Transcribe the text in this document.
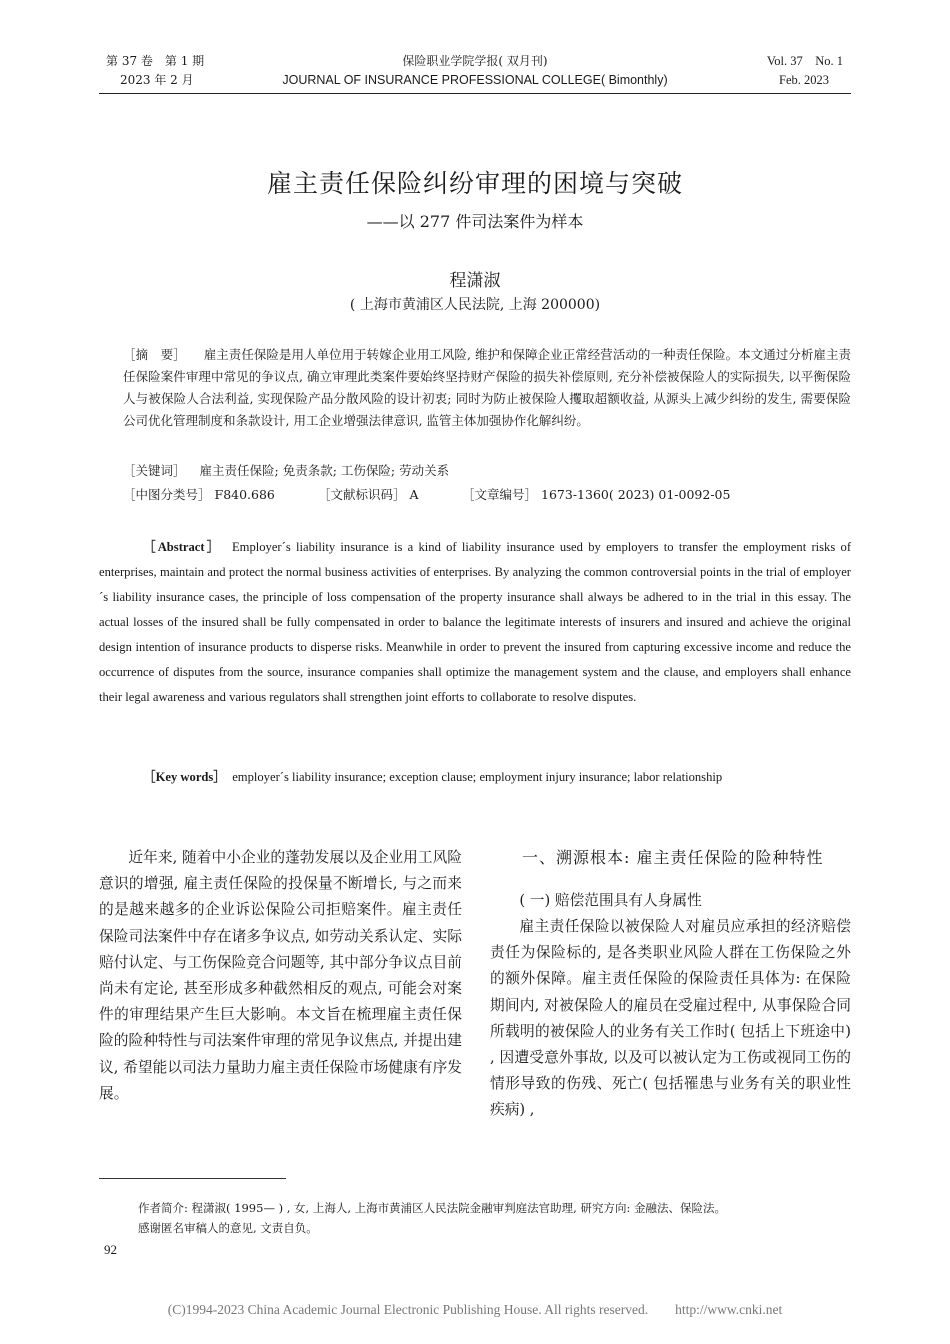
第 37 卷　第 1 期
2023 年 2 月
保险职业学院学报( 双月刊)
JOURNAL OF INSURANCE PROFESSIONAL COLLEGE( Bimonthly)
Vol. 37　No. 1
Feb. 2023
雇主责任保险纠纷审理的困境与突破
——以 277 件司法案件为样本
程潇淑
( 上海市黄浦区人民法院, 上海 200000)
［摘　要］ 雇主责任保险是用人单位用于转嫁企业用工风险, 维护和保障企业正常经营活动的一种责任保险。本文通过分析雇主责任保险案件审理中常见的争议点, 确立审理此类案件要始终坚持财产保险的损失补偿原则, 充分补偿被保险人的实际损失, 以平衡保险人与被保险人合法利益, 实现保险产品分散风险的设计初衷; 同时为防止被保险人攫取超额收益, 从源头上减少纠纷的发生, 需要保险公司优化管理制度和条款设计, 用工企业增强法律意识, 监管主体加强协作化解纠纷。
［关键词］ 雇主责任保险; 免责条款; 工伤保险; 劳动关系
［中图分类号］ F840.686	［文献标识码］ A	［文章编号］ 1673-1360( 2023) 01-0092-05
［Abstract］ Employer´s liability insurance is a kind of liability insurance used by employers to transfer the employment risks of enterprises, maintain and protect the normal business activities of enterprises. By analyzing the common controversial points in the trial of employer´s liability insurance cases, the principle of loss compensation of the property insurance shall always be adhered to in the trial in this essay. The actual losses of the insured shall be fully compensated in order to balance the legitimate interests of insurers and insured and achieve the original design intention of insurance products to disperse risks. Meanwhile in order to prevent the insured from capturing excessive income and reduce the occurrence of disputes from the source, insurance companies shall optimize the management system and the clause, and employers shall enhance their legal awareness and various regulators shall strengthen joint efforts to collaborate to resolve disputes.
［Key words］ employer´s liability insurance; exception clause; employment injury insurance; labor relationship

近年来, 随着中小企业的蓬勃发展以及企业用工风险意识的增强, 雇主责任保险的投保量不断增长, 与之而来的是越来越多的企业诉讼保险公司拒赔案件。雇主责任保险司法案件中存在诸多争议点, 如劳动关系认定、实际赔付认定、与工伤保险竞合问题等, 其中部分争议点目前尚未有定论, 甚至形成多种截然相反的观点, 可能会对案件的审理结果产生巨大影响。本文旨在梳理雇主责任保险的险种特性与司法案件审理的常见争议焦点, 并提出建议, 希望能以司法力量助力雇主责任保险市场健康有序发展。

一、溯源根本: 雇主责任保险的险种特性
( 一) 赔偿范围具有人身属性

雇主责任保险以被保险人对雇员应承担的经济赔偿责任为保险标的, 是各类职业风险人群在工伤保险之外的额外保障。雇主责任保险的保险责任具体为: 在保险期间内, 对被保险人的雇员在受雇过程中, 从事保险合同所载明的被保险人的业务有关工作时( 包括上下班途中) , 因遭受意外事故, 以及可以被认定为工伤或视同工伤的情形导致的伤残、死亡( 包括罹患与业务有关的职业性疾病) ,

作者简介: 程潇淑( 1995— ) , 女, 上海人, 上海市黄浦区人民法院金融审判庭法官助理, 研究方向: 金融法、保险法。
感谢匿名审稿人的意见, 文责自负。
92
(C)1994-2023 China Academic Journal Electronic Publishing House. All rights reserved.　　http://www.cnki.net
